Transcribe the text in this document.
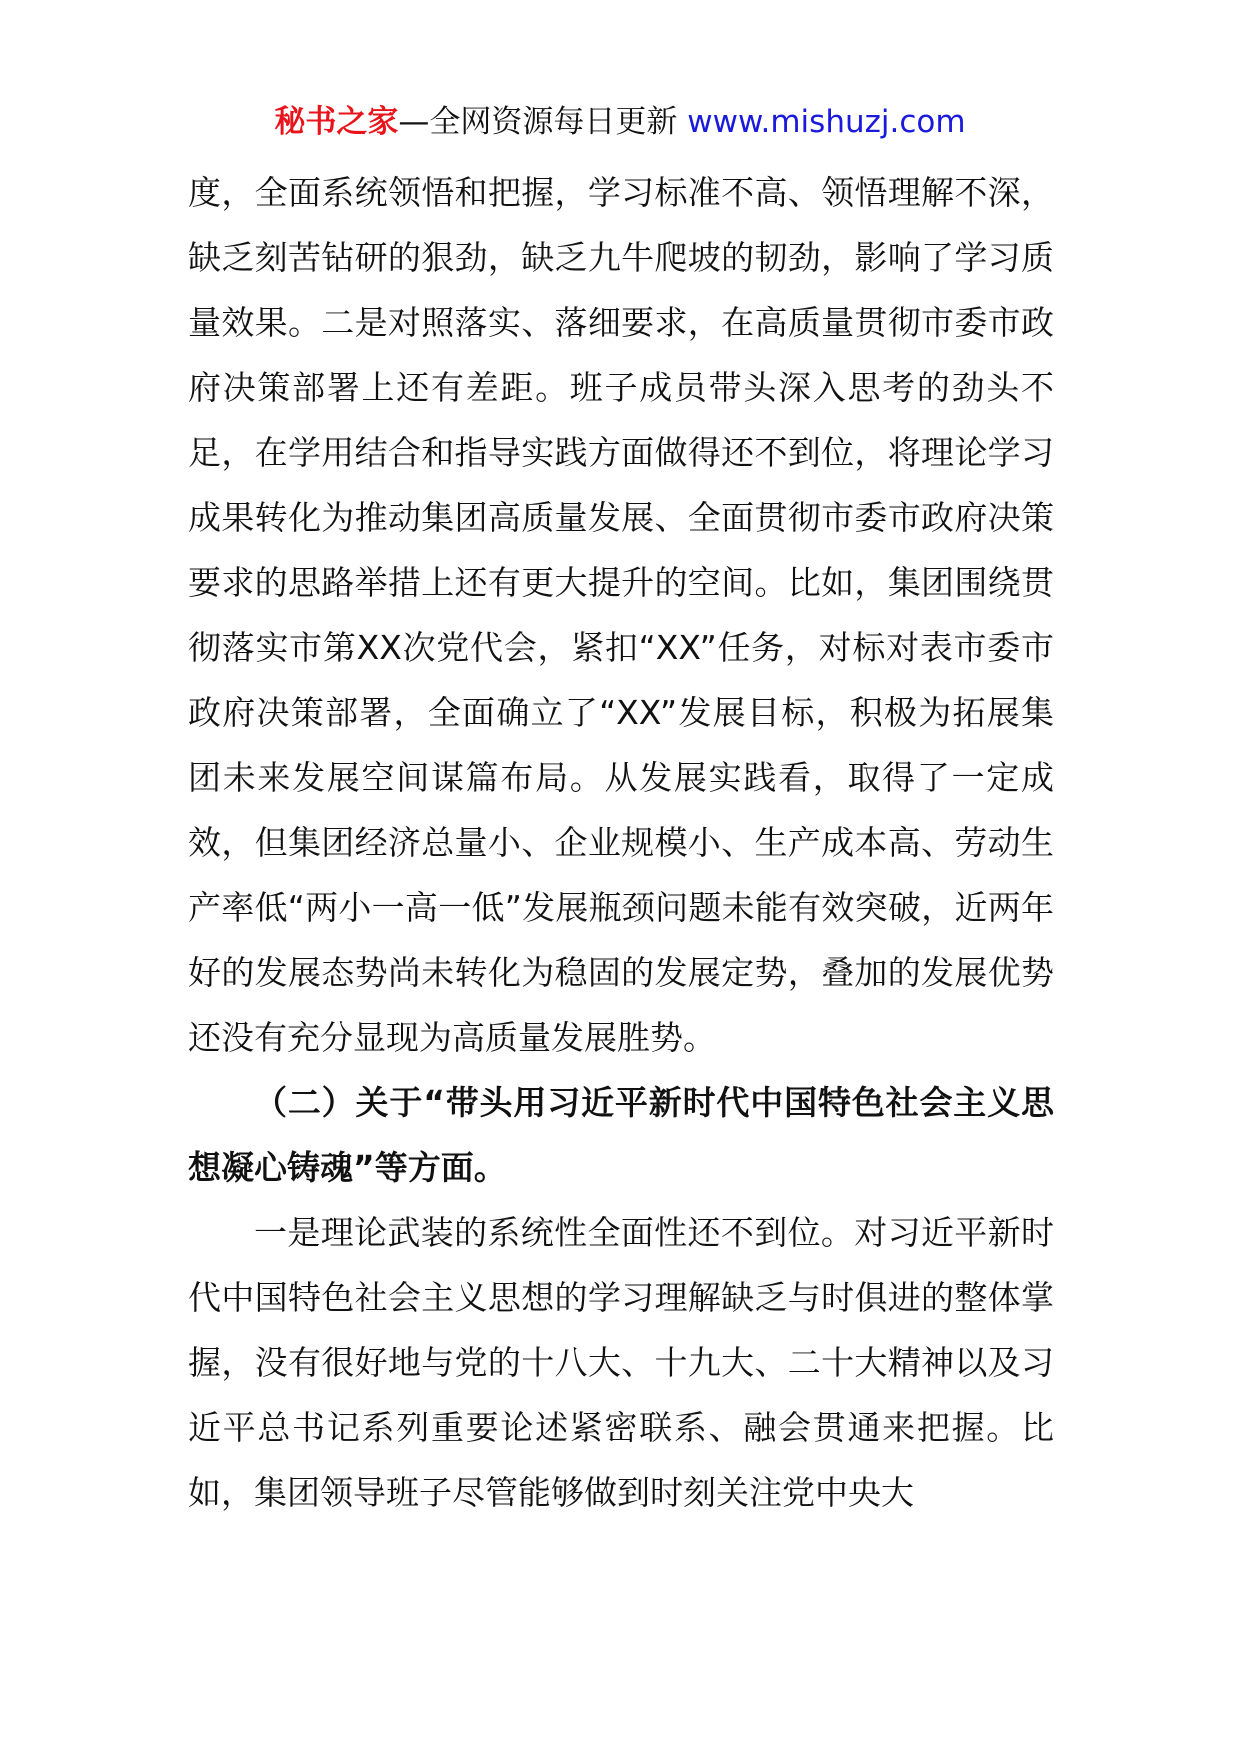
秘书之家—全网资源每日更新 www.mishuzj.com

度，全面系统领悟和把握，学习标准不高、领悟理解不深，缺乏刻苦钻研的狠劲，缺乏九牛爬坡的韧劲，影响了学习质量效果。二是对照落实、落细要求，在高质量贯彻市委市政府决策部署上还有差距。班子成员带头深入思考的劲头不足，在学用结合和指导实践方面做得还不到位，将理论学习成果转化为推动集团高质量发展、全面贯彻市委市政府决策要求的思路举措上还有更大提升的空间。比如，集团围绕贯彻落实市第XX次党代会，紧扣“XX”任务，对标对表市委市政府决策部署，全面确立了“XX”发展目标，积极为拓展集团未来发展空间谋篇布局。从发展实践看，取得了一定成效，但集团经济总量小、企业规模小、生产成本高、劳动生产率低“两小一高一低”发展瓶颈问题未能有效突破，近两年好的发展态势尚未转化为稳固的发展定势，叠加的发展优势还没有充分显现为高质量发展胜势。

（二）关于“带头用习近平新时代中国特色社会主义思想凝心铸魂”等方面。

一是理论武装的系统性全面性还不到位。对习近平新时代中国特色社会主义思想的学习理解缺乏与时俱进的整体掌握，没有很好地与党的十八大、十九大、二十大精神以及习近平总书记系列重要论述紧密联系、融会贯通来把握。比如，集团领导班子尽管能够做到时刻关注党中央大
